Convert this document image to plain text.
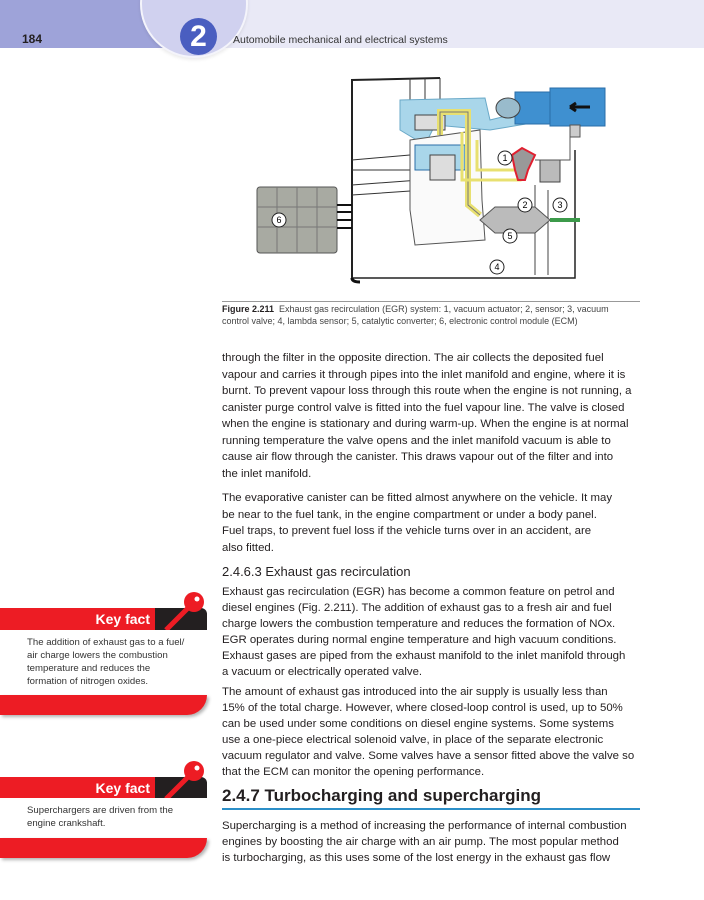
2
184	Automobile mechanical and electrical systems
1
2	3
4
5
6
Figure 2.211 Exhaust gas recirculation (EGR) system: 1, vacuum actuator; 2, sensor; 3, vacuum control valve; 4, lambda sensor; 5, catalytic converter; 6, electronic control module (ECM)
through the filter in the opposite direction. The air collects the deposited fuel
vapour and carries it through pipes into the inlet manifold and engine, where it is
burnt. To prevent vapour loss through this route when the engine is not running, a
canister purge control valve is fitted into the fuel vapour line. The valve is closed
when the engine is stationary and during warm-up. When the engine is at normal
running temperature the valve opens and the inlet manifold vacuum is able to
cause air flow through the canister. This draws vapour out of the filter and into
the inlet manifold.
The evaporative canister can be fitted almost anywhere on the vehicle. It may
be near to the fuel tank, in the engine compartment or under a body panel.
Fuel traps, to prevent fuel loss if the vehicle turns over in an accident, are
also fitted.
2.4.6.3 Exhaust gas recirculation
Exhaust gas recirculation (EGR) has become a common feature on petrol and
diesel engines (Fig. 2.211). The addition of exhaust gas to a fresh air and fuel
charge lowers the combustion temperature and reduces the formation of NOx.
EGR operates during normal engine temperature and high vacuum conditions.
Exhaust gases are piped from the exhaust manifold to the inlet manifold through
a vacuum or electrically operated valve.
The amount of exhaust gas introduced into the air supply is usually less than
15% of the total charge. However, where closed-loop control is used, up to 50%
can be used under some conditions on diesel engine systems. Some systems
use a one-piece electrical solenoid valve, in place of the separate electronic
vacuum regulator and valve. Some valves have a sensor fitted above the valve so
that the ECM can monitor the opening performance.
2.4.7 Turbocharging and supercharging
Supercharging is a method of increasing the performance of internal combustion
engines by boosting the air charge with an air pump. The most popular method
is turbocharging, as this uses some of the lost energy in the exhaust gas flow
Key fact
The addition of exhaust gas to a fuel/
air charge lowers the combustion
temperature and reduces the
formation of nitrogen oxides.
Key fact
Superchargers are driven from the
engine crankshaft.
